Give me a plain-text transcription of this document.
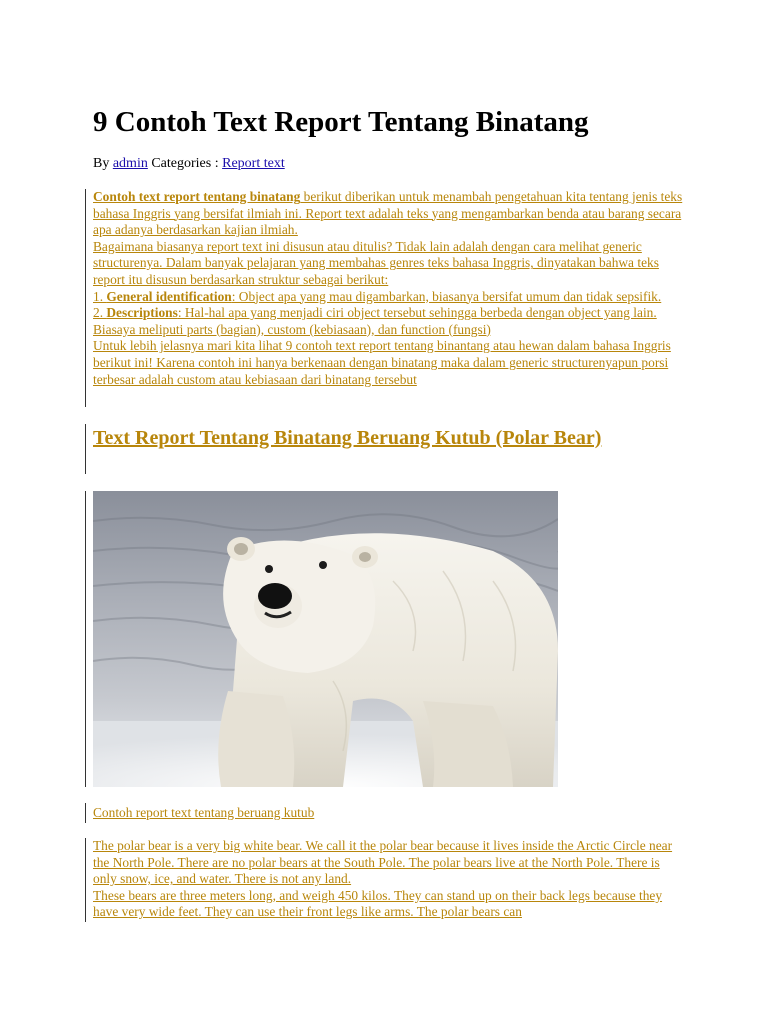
9 Contoh Text Report Tentang Binatang
By admin Categories : Report text

Contoh text report tentang binatang berikut diberikan untuk menambah pengetahuan kita tentang jenis teks bahasa Inggris yang bersifat ilmiah ini. Report text adalah teks yang mengambarkan benda atau barang secara apa adanya berdasarkan kajian ilmiah.

Bagaimana biasanya report text ini disusun atau ditulis? Tidak lain adalah dengan cara melihat generic structurenya. Dalam banyak pelajaran yang membahas genres teks bahasa Inggris, dinyatakan bahwa teks report itu disusun berdasarkan struktur sebagai berikut:

1. General identification: Object apa yang mau digambarkan, biasanya bersifat umum dan tidak sepsifik.

2. Descriptions: Hal-hal apa yang menjadi ciri object tersebut sehingga berbeda dengan object yang lain. Biasaya meliputi parts (bagian), custom (kebiasaan), dan function (fungsi)

Untuk lebih jelasnya mari kita lihat 9 contoh text report tentang binantang atau hewan dalam bahasa Inggris berikut ini! Karena contoh ini hanya berkenaan dengan binatang maka dalam generic structurenyapun porsi terbesar adalah custom atau kebiasaan dari binatang tersebut

Text Report Tentang Binatang Beruang Kutub (Polar Bear)
Contoh report text tentang beruang kutub

The polar bear is a very big white bear. We call it the polar bear because it lives inside the Arctic Circle near the North Pole. There are no polar bears at the South Pole. The polar bears live at the North Pole. There is only snow, ice, and water. There is not any land.

These bears are three meters long, and weigh 450 kilos. They can stand up on their back legs because they have very wide feet. They can use their front legs like arms. The polar bears can
